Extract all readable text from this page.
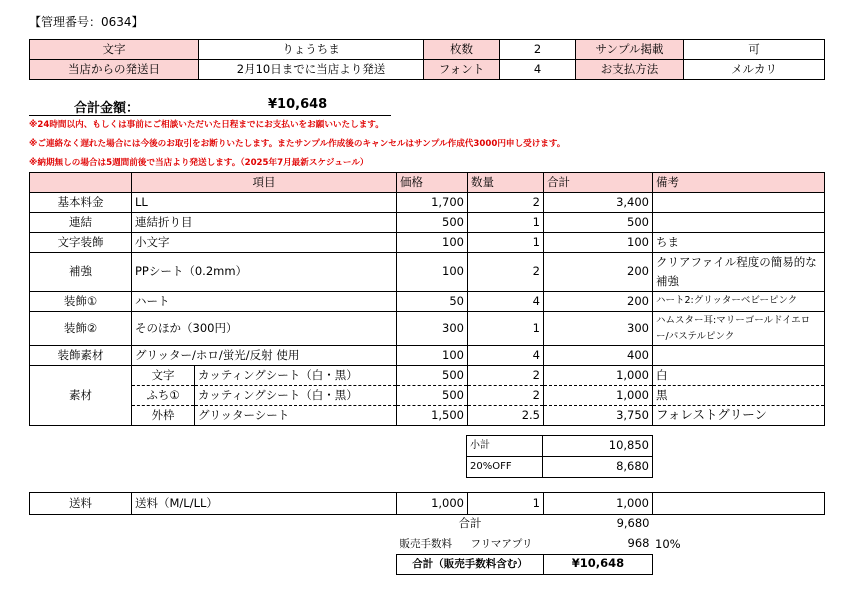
【管理番号：0634】
文字	りょうちま	枚数	2	サンプル掲載	可
当店からの発送日	2月10日までに当店より発送	フォント	4	お支払方法	メルカリ
合計金額：	¥10,648
※24時間以内、もしくは事前にご相談いただいた日程までにお支払いをお願いいたします。
※ご連絡なく遅れた場合には今後のお取引をお断りいたします。またサンプル作成後のキャンセルはサンプル作成代3000円申し受けます。
※納期無しの場合は5週間前後で当店より発送します。（2025年7月最新スケジュール）
	項目		価格	数量	合計	備考
基本料金	LL		1,700	2	3,400	
連結	連結折り目		500	1	500	
文字装飾	小文字		100	1	100	ちま
補強	PPシート（0.2mm）		100	2	200	クリアファイル程度の簡易的な補強
装飾①	ハート		50	4	200	ハート2:グリッターベビーピンク
装飾②	そのほか（300円）		300	1	300	ハムスター耳:マリーゴールドイエロー/パステルピンク
装飾素材	グリッター/ホロ/蛍光/反射 使用		100	4	400	
素材	文字	カッティングシート（白・黒）	500	2	1,000	白
	ふち①	カッティングシート（白・黒）	500	2	1,000	黒
	外枠	グリッターシート	1,500	2.5	3,750	フォレストグリーン
小計	10,850
20%OFF	8,680
送料	送料（M/L/LL）	1,000	1	1,000	
合計		9,680
販売手数料	フリマアプリ	968
合計（販売手数料含む）		¥10,648
10%
